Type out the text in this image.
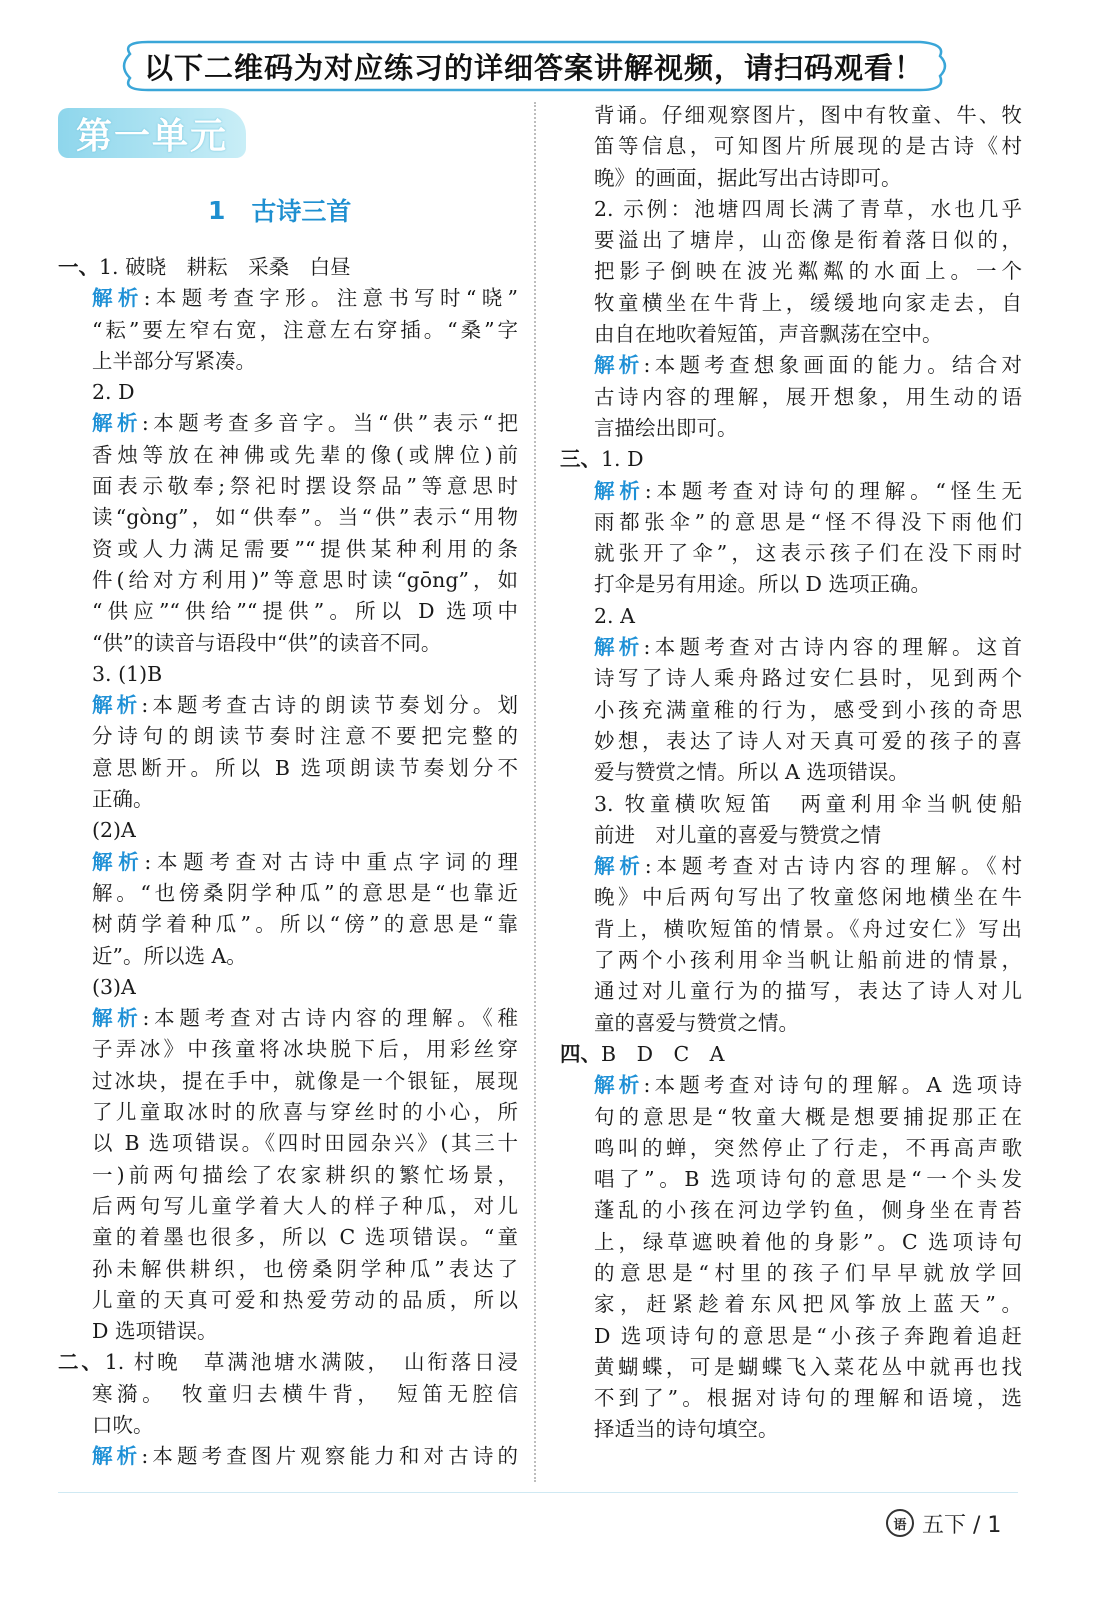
以下二维码为对应练习的详细答案讲解视频，请扫码观看！
第一单元
1 古诗三首
一、1. 破晓　耕耘　采桑　白昼
解析:本题考查字形。注意书写时“晓”
“耘”要左窄右宽，注意左右穿插。“桑”字
上半部分写紧凑。
2. D
解析:本题考查多音字。当“供”表示“把
香烛等放在神佛或先辈的像(或牌位)前
面表示敬奉;祭祀时摆设祭品”等意思时
读“gòng”，如“供奉”。当“供”表示“用物
资或人力满足需要”“提供某种利用的条
件(给对方利用)”等意思时读“gōng”，如
“供应”“供给”“提供”。所以 D 选项中
“供”的读音与语段中“供”的读音不同。
3. (1)B
解析:本题考查古诗的朗读节奏划分。划
分诗句的朗读节奏时注意不要把完整的
意思断开。所以 B 选项朗读节奏划分不
正确。
(2)A
解析:本题考查对古诗中重点字词的理
解。“也傍桑阴学种瓜”的意思是“也靠近
树荫学着种瓜”。所以“傍”的意思是“靠
近”。所以选 A。
(3)A
解析:本题考查对古诗内容的理解。《稚
子弄冰》中孩童将冰块脱下后，用彩丝穿
过冰块，提在手中，就像是一个银钲，展现
了儿童取冰时的欣喜与穿丝时的小心，所
以 B 选项错误。《四时田园杂兴》(其三十
一)前两句描绘了农家耕织的繁忙场景，
后两句写儿童学着大人的样子种瓜，对儿
童的着墨也很多，所以 C 选项错误。“童
孙未解供耕织，也傍桑阴学种瓜”表达了
儿童的天真可爱和热爱劳动的品质，所以
D 选项错误。
二、1. 村晚　草满池塘水满陂，　山衔落日浸
寒漪。　牧童归去横牛背，　短笛无腔信
口吹。
解析:本题考查图片观察能力和对古诗的
背诵。仔细观察图片，图中有牧童、牛、牧
笛等信息，可知图片所展现的是古诗《村
晚》的画面，据此写出古诗即可。
2. 示例：池塘四周长满了青草，水也几乎
要溢出了塘岸，山峦像是衔着落日似的，
把影子倒映在波光粼粼的水面上。一个
牧童横坐在牛背上，缓缓地向家走去，自
由自在地吹着短笛，声音飘荡在空中。
解析:本题考查想象画面的能力。结合对
古诗内容的理解，展开想象，用生动的语
言描绘出即可。
三、1. D
解析:本题考查对诗句的理解。“怪生无
雨都张伞”的意思是“怪不得没下雨他们
就张开了伞”，这表示孩子们在没下雨时
打伞是另有用途。所以 D 选项正确。
2. A
解析:本题考查对古诗内容的理解。这首
诗写了诗人乘舟路过安仁县时，见到两个
小孩充满童稚的行为，感受到小孩的奇思
妙想，表达了诗人对天真可爱的孩子的喜
爱与赞赏之情。所以 A 选项错误。
3. 牧童横吹短笛　两童利用伞当帆使船
前进　对儿童的喜爱与赞赏之情
解析:本题考查对古诗内容的理解。《村
晚》中后两句写出了牧童悠闲地横坐在牛
背上，横吹短笛的情景。《舟过安仁》写出
了两个小孩利用伞当帆让船前进的情景，
通过对儿童行为的描写，表达了诗人对儿
童的喜爱与赞赏之情。
四、B　D　C　A
解析:本题考查对诗句的理解。A 选项诗
句的意思是“牧童大概是想要捕捉那正在
鸣叫的蝉，突然停止了行走，不再高声歌
唱了”。B 选项诗句的意思是“一个头发
蓬乱的小孩在河边学钓鱼，侧身坐在青苔
上，绿草遮映着他的身影”。C 选项诗句
的意思是“村里的孩子们早早就放学回
家，赶紧趁着东风把风筝放上蓝天”。
D 选项诗句的意思是“小孩子奔跑着追赶
黄蝴蝶，可是蝴蝶飞入菜花丛中就再也找
不到了”。根据对诗句的理解和语境，选
择适当的诗句填空。
语 五下 / 1
